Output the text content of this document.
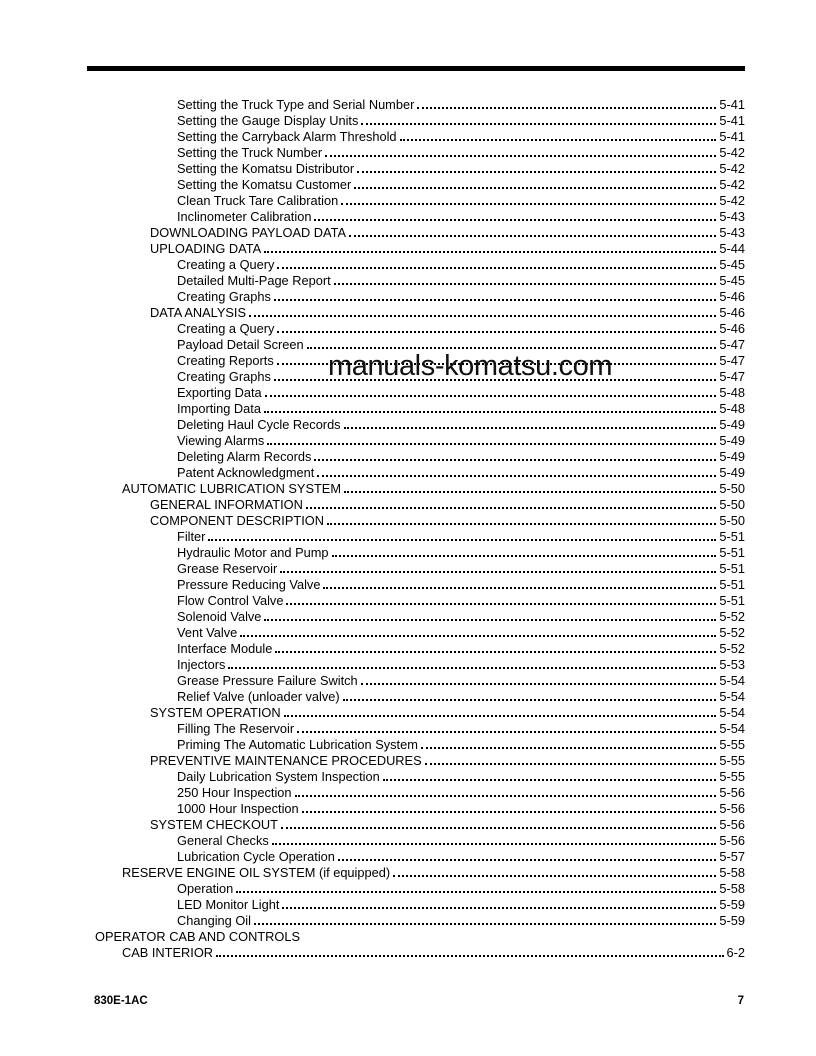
Setting the Truck Type and Serial Number	5-41
Setting the Gauge Display Units	5-41
Setting the Carryback Alarm Threshold	5-41
Setting the Truck Number	5-42
Setting the Komatsu Distributor	5-42
Setting the Komatsu Customer	5-42
Clean Truck Tare Calibration	5-42
Inclinometer Calibration	5-43
DOWNLOADING PAYLOAD DATA	5-43
UPLOADING DATA	5-44
Creating a Query	5-45
Detailed Multi-Page Report	5-45
Creating Graphs	5-46
DATA ANALYSIS	5-46
Creating a Query	5-46
Payload Detail Screen	5-47
Creating Reports	5-47
Creating Graphs	5-47
Exporting Data	5-48
Importing Data	5-48
Deleting Haul Cycle Records	5-49
Viewing Alarms	5-49
Deleting Alarm Records	5-49
Patent Acknowledgment	5-49
AUTOMATIC LUBRICATION SYSTEM	5-50
GENERAL INFORMATION	5-50
COMPONENT DESCRIPTION	5-50
Filter	5-51
Hydraulic Motor and Pump	5-51
Grease Reservoir	5-51
Pressure Reducing Valve	5-51
Flow Control Valve	5-51
Solenoid Valve	5-52
Vent Valve	5-52
Interface Module	5-52
Injectors	5-53
Grease Pressure Failure Switch	5-54
Relief Valve (unloader valve)	5-54
SYSTEM OPERATION	5-54
Filling The Reservoir	5-54
Priming The Automatic Lubrication System	5-55
PREVENTIVE MAINTENANCE PROCEDURES	5-55
Daily Lubrication System Inspection	5-55
250 Hour Inspection	5-56
1000 Hour Inspection	5-56
SYSTEM CHECKOUT	5-56
General Checks	5-56
Lubrication Cycle Operation	5-57
RESERVE ENGINE OIL SYSTEM (if equipped)	5-58
Operation	5-58
LED Monitor Light	5-59
Changing Oil	5-59
OPERATOR CAB AND CONTROLS
CAB INTERIOR	6-2
manuals-komatsu.com
830E-1AC	7
